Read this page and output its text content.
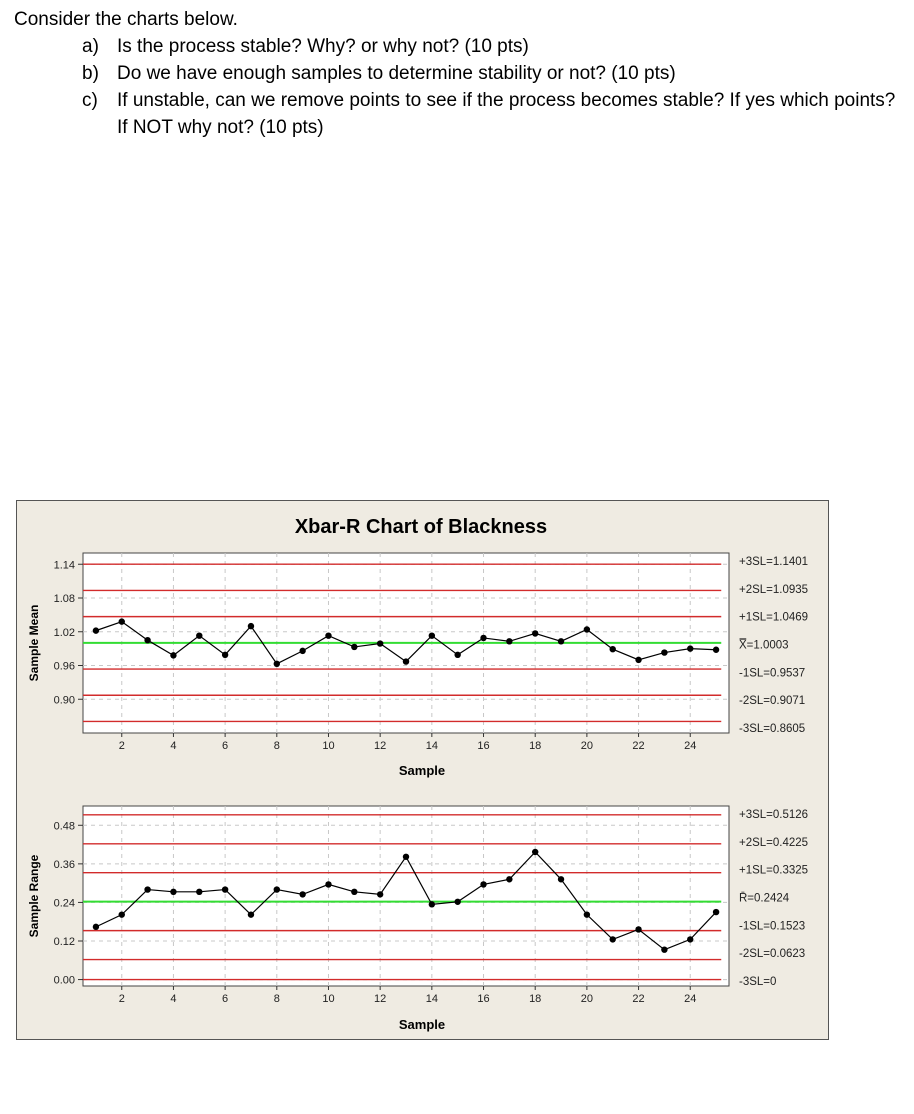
Consider the charts below.
a) Is the process stable? Why? or why not? (10 pts)
b) Do we have enough samples to determine stability or not? (10 pts)
c) If unstable, can we remove points to see if the process becomes stable? If yes which points? If NOT why not? (10 pts)
Xbar-R Chart of Blackness
0.90
0.96
1.02
1.08
1.14
2	4	6	8	10	12	14	16	18	20	22	24
+3SL=1.1401
+2SL=1.0935
+1SL=1.0469
X̿=1.0003
-1SL=0.9537
-2SL=0.9071
-3SL=0.8605
Sample Mean
Sample
0.00
0.12
0.24
0.36
0.48
2	4	6	8	10	12	14	16	18	20	22	24
+3SL=0.5126
+2SL=0.4225
+1SL=0.3325
R̄=0.2424
-1SL=0.1523
-2SL=0.0623
-3SL=0
Sample Range
Sample
